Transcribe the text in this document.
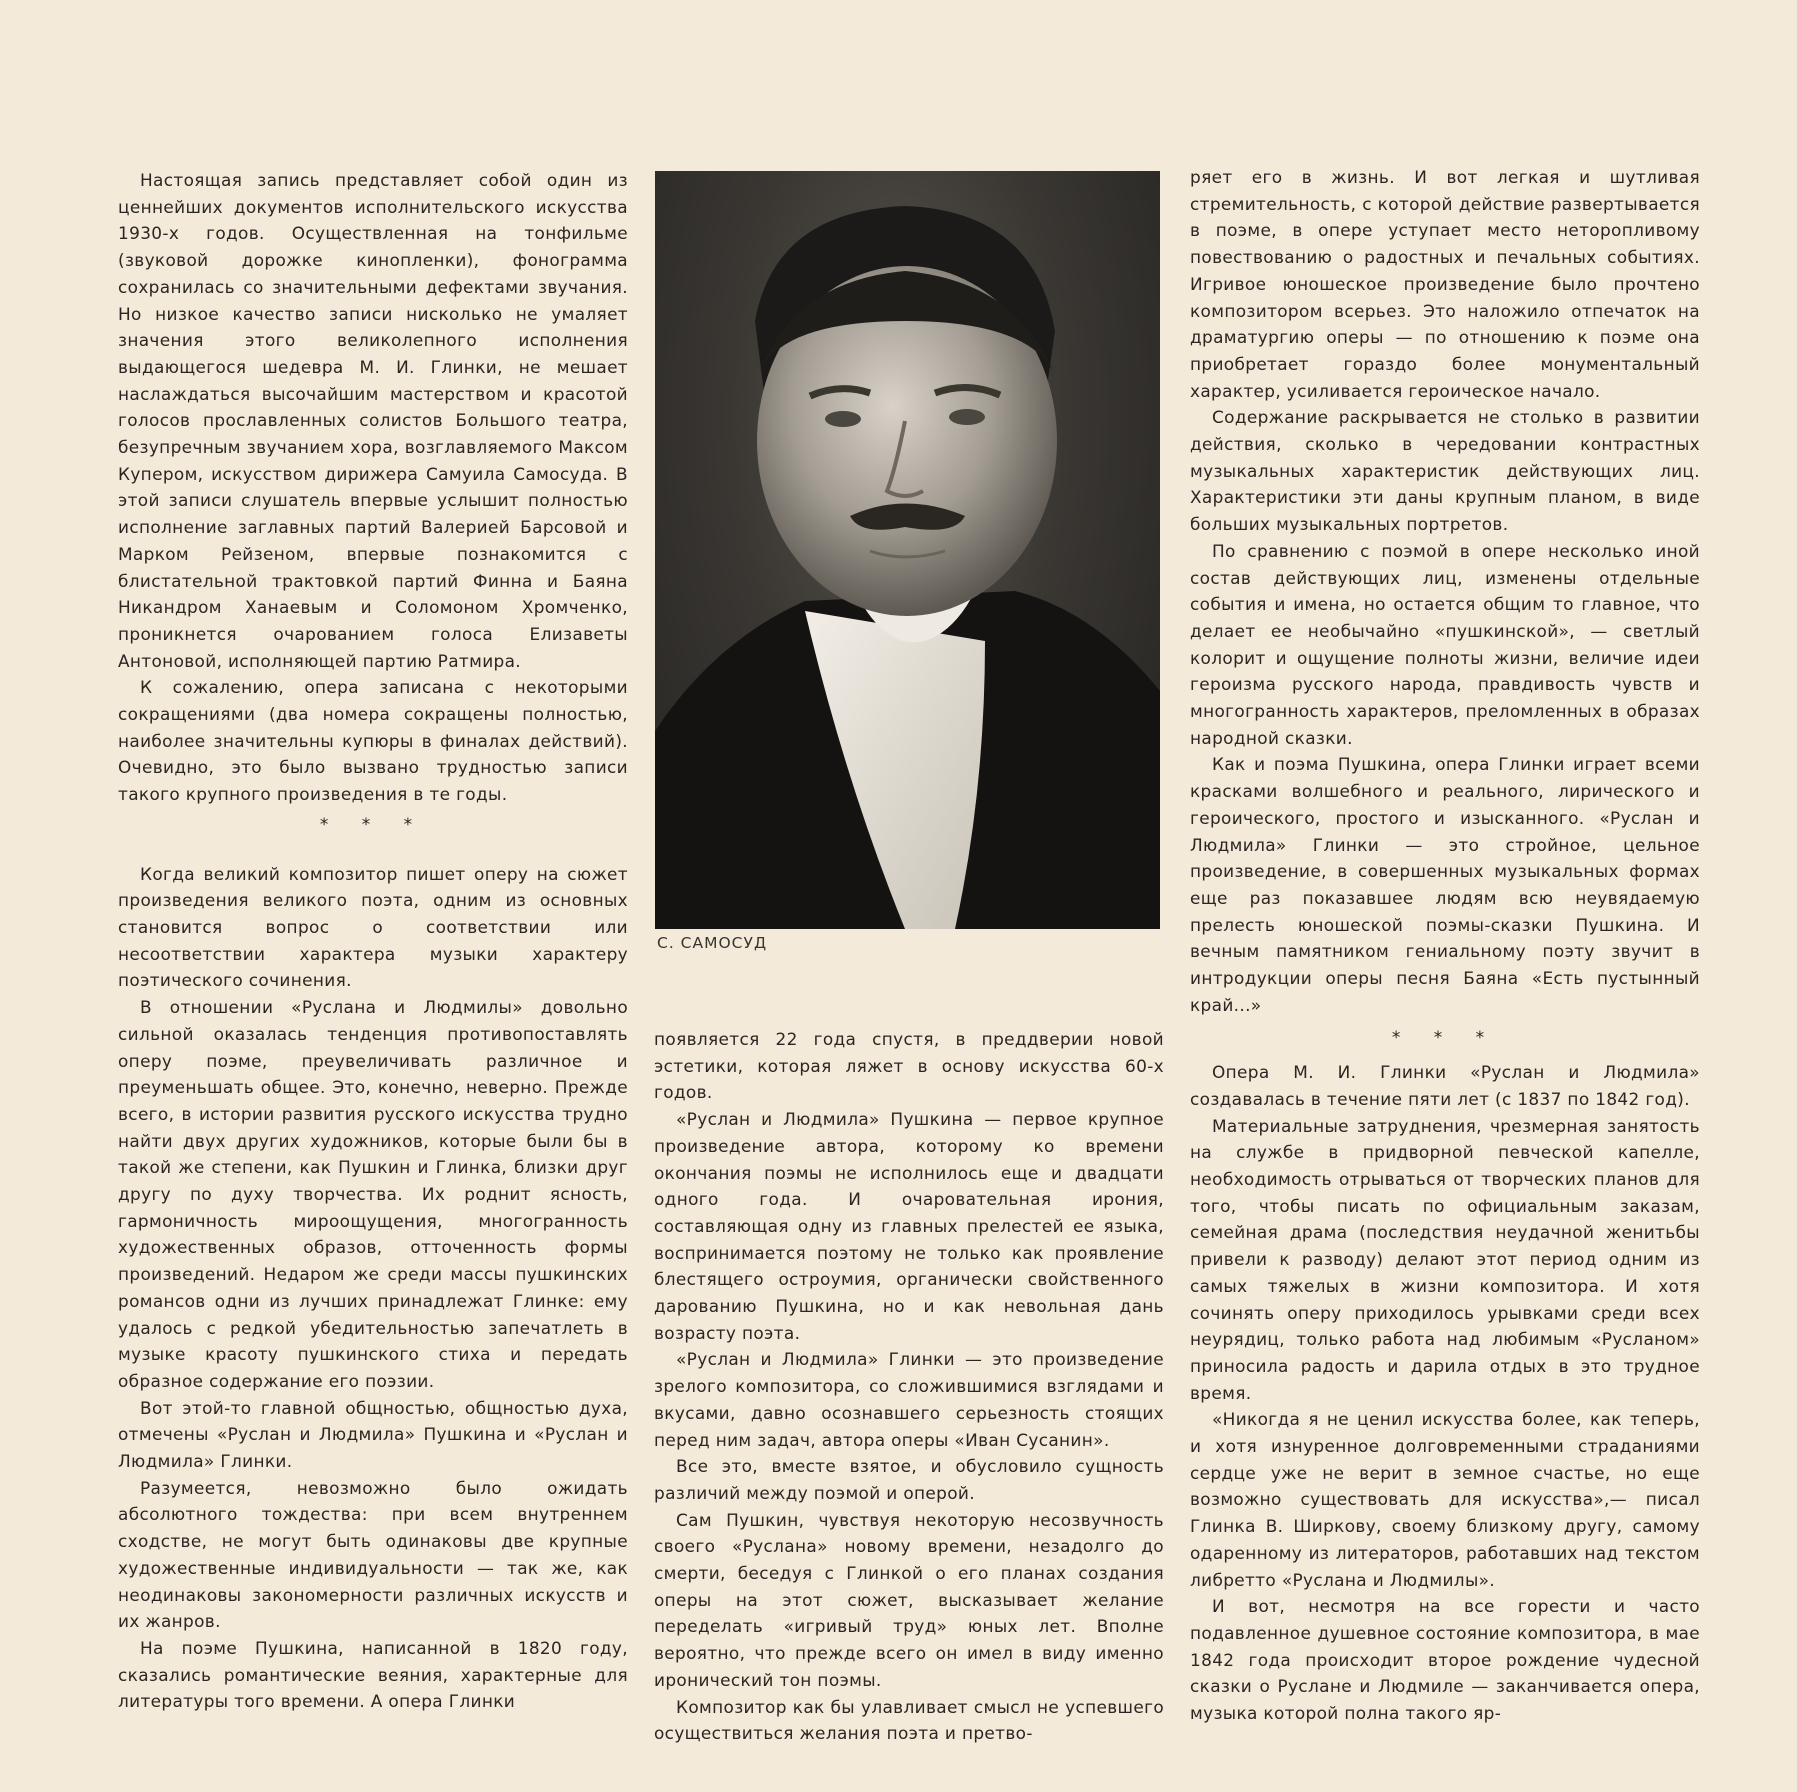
Настоящая запись представляет собой один из ценнейших документов исполнительского искусства 1930-х годов. Осуществленная на тонфильме (звуковой дорожке кинопленки), фонограмма сохранилась со значительными дефектами звучания. Но низкое качество записи нисколько не умаляет значения этого великолепного исполнения выдающегося шедевра М. И. Глинки, не мешает наслаждаться высочайшим мастерством и красотой голосов прославленных солистов Большого театра, безупречным звучанием хора, возглавляемого Максом Купером, искусством дирижера Самуила Самосуда. В этой записи слушатель впервые услышит полностью исполнение заглавных партий Валерией Барсовой и Марком Рейзеном, впервые познакомится с блистательной трактовкой партий Финна и Баяна Никандром Ханаевым и Соломоном Хромченко, проникнется очарованием голоса Елизаветы Антоновой, исполняющей партию Ратмира.

К сожалению, опера записана с некоторыми сокращениями (два номера сокращены полностью, наиболее значительны купюры в финалах действий). Очевидно, это было вызвано трудностью записи такого крупного произведения в те годы.

* * *

Когда великий композитор пишет оперу на сюжет произведения великого поэта, одним из основных становится вопрос о соответствии или несоответствии характера музыки характеру поэтического сочинения.

В отношении «Руслана и Людмилы» довольно сильной оказалась тенденция противопоставлять оперу поэме, преувеличивать различное и преуменьшать общее. Это, конечно, неверно. Прежде всего, в истории развития русского искусства трудно найти двух других художников, которые были бы в такой же степени, как Пушкин и Глинка, близки друг другу по духу творчества. Их роднит ясность, гармоничность мироощущения, многогранность художественных образов, отточенность формы произведений. Недаром же среди массы пушкинских романсов одни из лучших принадлежат Глинке: ему удалось с редкой убедительностью запечатлеть в музыке красоту пушкинского стиха и передать образное содержание его поэзии.

Вот этой-то главной общностью, общностью духа, отмечены «Руслан и Людмила» Пушкина и «Руслан и Людмила» Глинки.

Разумеется, невозможно было ожидать абсолютного тождества: при всем внутреннем сходстве, не могут быть одинаковы две крупные художественные индивидуальности — так же, как неодинаковы закономерности различных искусств и их жанров.

На поэме Пушкина, написанной в 1820 году, сказались романтические веяния, характерные для литературы того времени. А опера Глинки

С. САМОСУД

появляется 22 года спустя, в преддверии новой эстетики, которая ляжет в основу искусства 60-х годов.

«Руслан и Людмила» Пушкина — первое крупное произведение автора, которому ко времени окончания поэмы не исполнилось еще и двадцати одного года. И очаровательная ирония, составляющая одну из главных прелестей ее языка, воспринимается поэтому не только как проявление блестящего остроумия, органически свойственного дарованию Пушкина, но и как невольная дань возрасту поэта.

«Руслан и Людмила» Глинки — это произведение зрелого композитора, со сложившимися взглядами и вкусами, давно осознавшего серьезность стоящих перед ним задач, автора оперы «Иван Сусанин».

Все это, вместе взятое, и обусловило сущность различий между поэмой и оперой.

Сам Пушкин, чувствуя некоторую несозвучность своего «Руслана» новому времени, незадолго до смерти, беседуя с Глинкой о его планах создания оперы на этот сюжет, высказывает желание переделать «игривый труд» юных лет. Вполне вероятно, что прежде всего он имел в виду именно иронический тон поэмы.

Композитор как бы улавливает смысл не успевшего осуществиться желания поэта и претво-

ряет его в жизнь. И вот легкая и шутливая стремительность, с которой действие развертывается в поэме, в опере уступает место неторопливому повествованию о радостных и печальных событиях. Игривое юношеское произведение было прочтено композитором всерьез. Это наложило отпечаток на драматургию оперы — по отношению к поэме она приобретает гораздо более монументальный характер, усиливается героическое начало.

Содержание раскрывается не столько в развитии действия, сколько в чередовании контрастных музыкальных характеристик действующих лиц. Характеристики эти даны крупным планом, в виде больших музыкальных портретов.

По сравнению с поэмой в опере несколько иной состав действующих лиц, изменены отдельные события и имена, но остается общим то главное, что делает ее необычайно «пушкинской», — светлый колорит и ощущение полноты жизни, величие идеи героизма русского народа, правдивость чувств и многогранность характеров, преломленных в образах народной сказки.

Как и поэма Пушкина, опера Глинки играет всеми красками волшебного и реального, лирического и героического, простого и изысканного. «Руслан и Людмила» Глинки — это стройное, цельное произведение, в совершенных музыкальных формах еще раз показавшее людям всю неувядаемую прелесть юношеской поэмы-сказки Пушкина. И вечным памятником гениальному поэту звучит в интродукции оперы песня Баяна «Есть пустынный край...»

* * *

Опера М. И. Глинки «Руслан и Людмила» создавалась в течение пяти лет (с 1837 по 1842 год).

Материальные затруднения, чрезмерная занятость на службе в придворной певческой капелле, необходимость отрываться от творческих планов для того, чтобы писать по официальным заказам, семейная драма (последствия неудачной женитьбы привели к разводу) делают этот период одним из самых тяжелых в жизни композитора. И хотя сочинять оперу приходилось урывками среди всех неурядиц, только работа над любимым «Русланом» приносила радость и дарила отдых в это трудное время.

«Никогда я не ценил искусства более, как теперь, и хотя изнуренное долговременными страданиями сердце уже не верит в земное счастье, но еще возможно существовать для искусства»,— писал Глинка В. Ширкову, своему близкому другу, самому одаренному из литераторов, работавших над текстом либретто «Руслана и Людмилы».

И вот, несмотря на все горести и часто подавленное душевное состояние композитора, в мае 1842 года происходит второе рождение чудесной сказки о Руслане и Людмиле — заканчивается опера, музыка которой полна такого яр-
